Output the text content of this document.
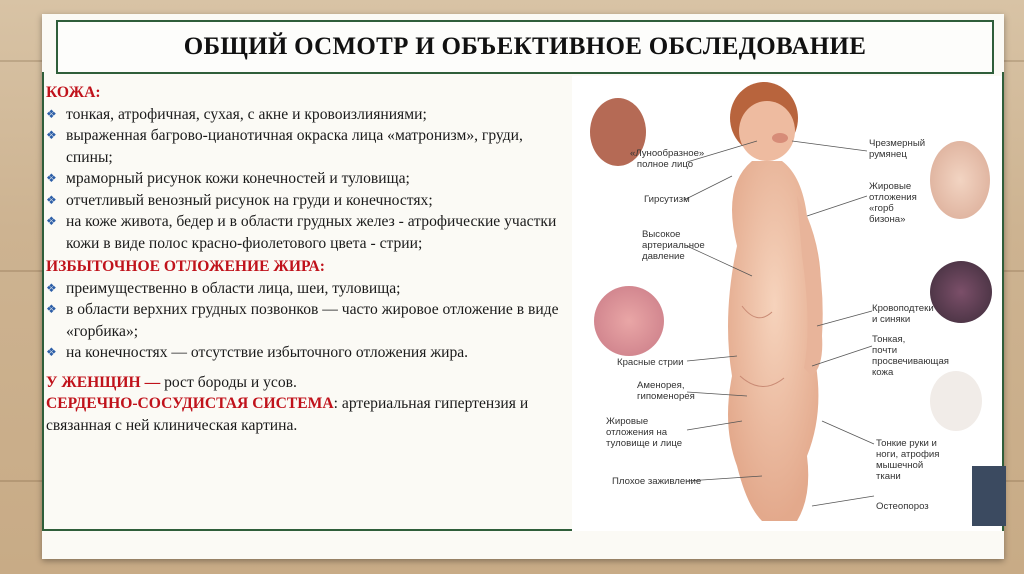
ОБЩИЙ ОСМОТР И ОБЪЕКТИВНОЕ ОБСЛЕДОВАНИЕ
КОЖА:
❖ тонкая, атрофичная, сухая, с акне и кровоизлияниями;
❖ выраженная багрово-цианотичная окраска лица «матронизм», груди, спины;
❖ мраморный рисунок кожи конечностей и туловища;
❖ отчетливый венозный рисунок на груди и конечностях;
❖ на коже живота, бедер и в области грудных желез - атрофические участки кожи в виде полос красно-фиолетового цвета - стрии;
ИЗБЫТОЧНОЕ ОТЛОЖЕНИЕ ЖИРА:
❖ преимущественно в области лица, шеи, туловища;
❖ в области верхних грудных позвонков — часто жировое отложение в виде «горбика»;
❖ на конечностях — отсутствие избыточного отложения жира.
У ЖЕНЩИН — рост бороды и усов.
СЕРДЕЧНО-СОСУДИСТАЯ СИСТЕМА: артериальная гипертензия и связанная с ней клиническая картина.
«Лунообразное» полное лицо
Гирсутизм
Высокое артериальное давление
Красные стрии
Аменорея, гипоменорея
Жировые отложения на туловище и лице
Плохое заживление
Чрезмерный румянец
Жировые отложения «горб бизона»
Кровоподтеки и синяки
Тонкая, почти просвечивающая кожа
Тонкие руки и ноги, атрофия мышечной ткани
Остеопороз
